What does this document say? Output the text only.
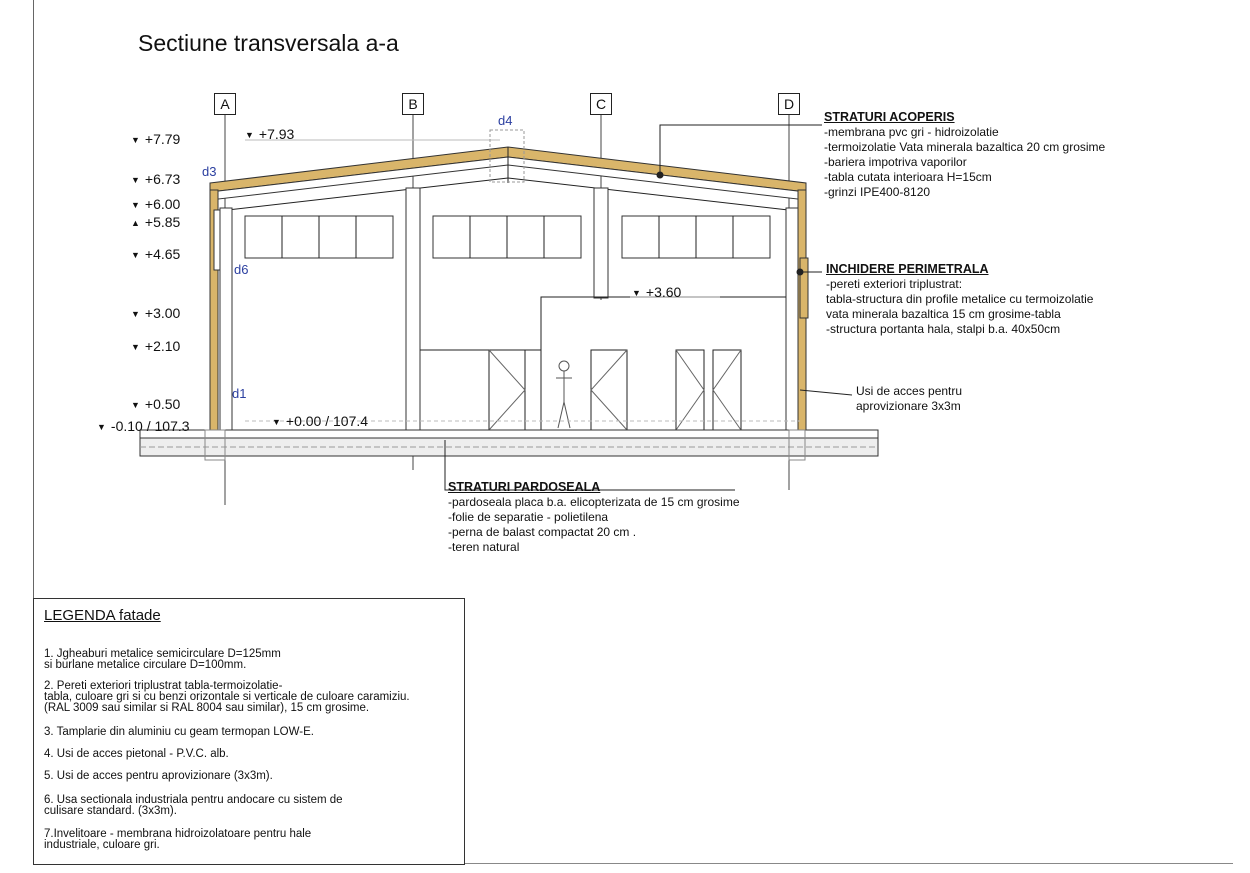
Sectiune transversala a-a
A	B	C	D
▼ +7.79
▼ +6.73
▼ +6.00
▲ +5.85
▼ +4.65
▼ +3.00
▼ +2.10
▼ +0.50
▼ -0.10 / 107.3
▼ +7.93
▼ +3.60
▼ +0.00 / 107.4
d4
d3
d6
d1
STRATURI ACOPERIS
-membrana pvc gri - hidroizolatie
-termoizolatie Vata minerala bazaltica 20 cm grosime
-bariera impotriva vaporilor
-tabla cutata interioara H=15cm
-grinzi IPE400-8120
INCHIDERE PERIMETRALA
-pereti exteriori triplustrat:
tabla-structura din profile metalice cu termoizolatie
vata minerala bazaltica 15 cm grosime-tabla
-structura portanta hala, stalpi b.a. 40x50cm
Usi de acces pentru
aprovizionare 3x3m
STRATURI PARDOSEALA
-pardoseala placa b.a. elicopterizata de 15 cm grosime
-folie de separatie - polietilena
-perna de balast compactat 20 cm .
-teren natural
LEGENDA fatade
1. Jgheaburi metalice semicirculare D=125mm
si burlane metalice circulare D=100mm.
2. Pereti exteriori triplustrat tabla-termoizolatie-
tabla, culoare gri si cu benzi orizontale si verticale de culoare caramiziu.
(RAL 3009 sau similar si RAL 8004 sau similar), 15 cm grosime.
3. Tamplarie din aluminiu cu geam termopan LOW-E.
4. Usi de acces pietonal - P.V.C. alb.
5. Usi de acces pentru aprovizionare (3x3m).
6. Usa sectionala industriala pentru andocare cu sistem de
culisare standard. (3x3m).
7.Invelitoare - membrana hidroizolatoare pentru hale
industriale, culoare gri.
